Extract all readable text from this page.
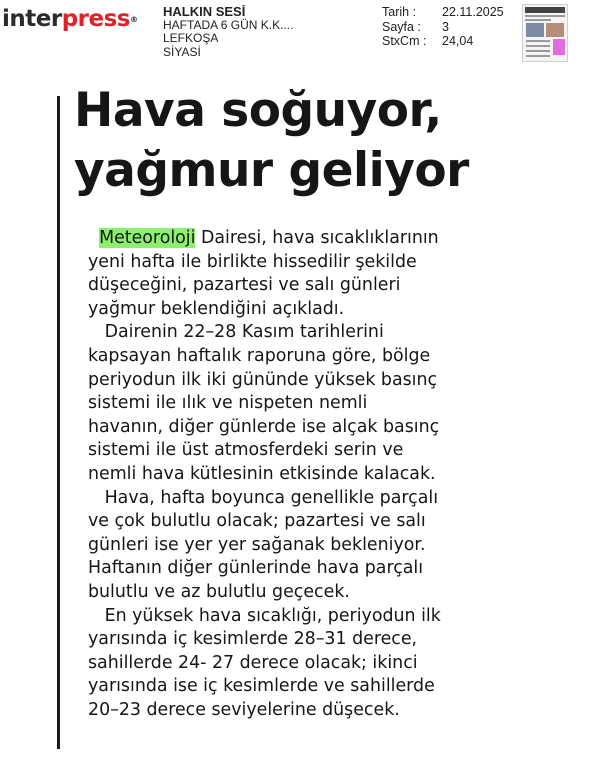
interpress®
HALKIN SESİ
HAFTADA 6 GÜN K.K....
LEFKOŞA
SİYASİ
Tarih :	22.11.2025
Sayfa :	3
StxCm :	24,04
Hava soğuyor,
yağmur geliyor

Meteoroloji Dairesi, hava sıcaklıklarının
yeni hafta ile birlikte hissedilir şekilde
düşeceğini, pazartesi ve salı günleri
yağmur beklendiğini açıkladı.

Dairenin 22–28 Kasım tarihlerini
kapsayan haftalık raporuna göre, bölge
periyodun ilk iki gününde yüksek basınç
sistemi ile ılık ve nispeten nemli
havanın, diğer günlerde ise alçak basınç
sistemi ile üst atmosferdeki serin ve
nemli hava kütlesinin etkisinde kalacak.

Hava, hafta boyunca genellikle parçalı
ve çok bulutlu olacak; pazartesi ve salı
günleri ise yer yer sağanak bekleniyor.
Haftanın diğer günlerinde hava parçalı
bulutlu ve az bulutlu geçecek.

En yüksek hava sıcaklığı, periyodun ilk
yarısında iç kesimlerde 28–31 derece,
sahillerde 24- 27 derece olacak; ikinci
yarısında ise iç kesimlerde ve sahillerde
20–23 derece seviyelerine düşecek.
